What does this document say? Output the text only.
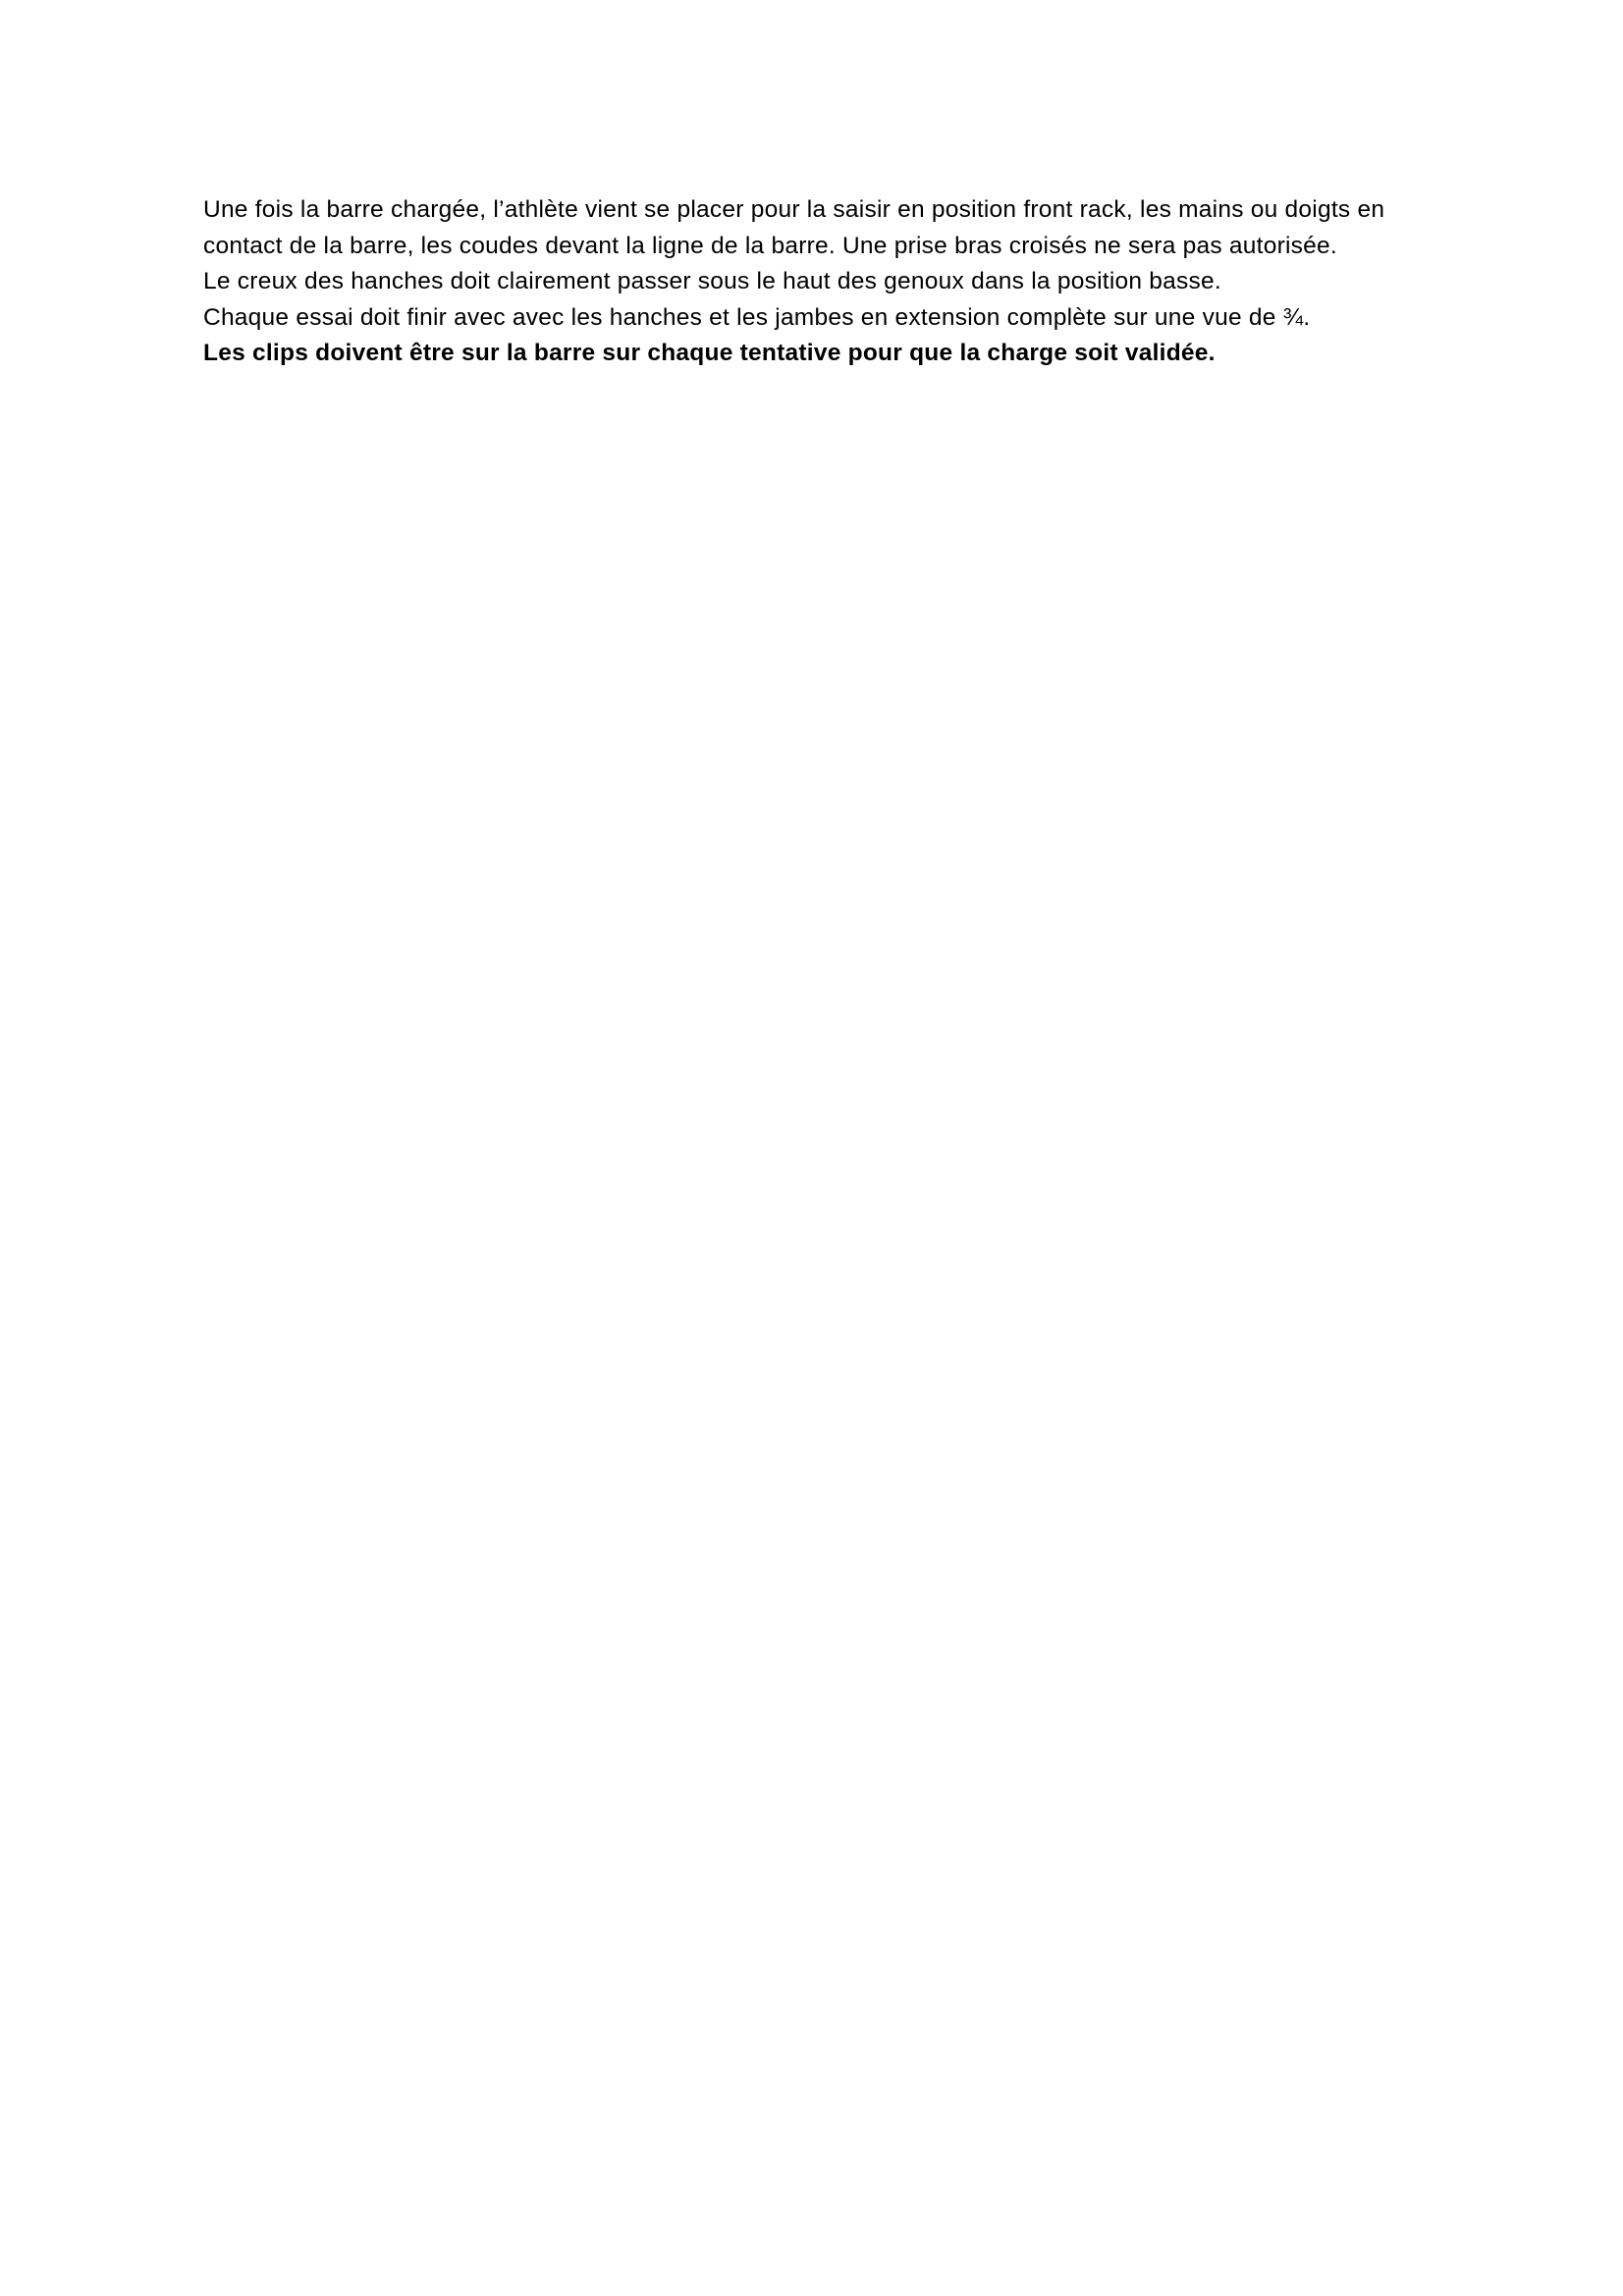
Une fois la barre chargée, l’athlète vient se placer pour la saisir en position front rack, les mains ou doigts en contact de la barre, les coudes devant la ligne de la barre. Une prise bras croisés ne sera pas autorisée.

Le creux des hanches doit clairement passer sous le haut des genoux dans la position basse.

Chaque essai doit finir avec avec les hanches et les jambes en extension complète sur une vue de ¾.

Les clips doivent être sur la barre sur chaque tentative pour que la charge soit validée.
